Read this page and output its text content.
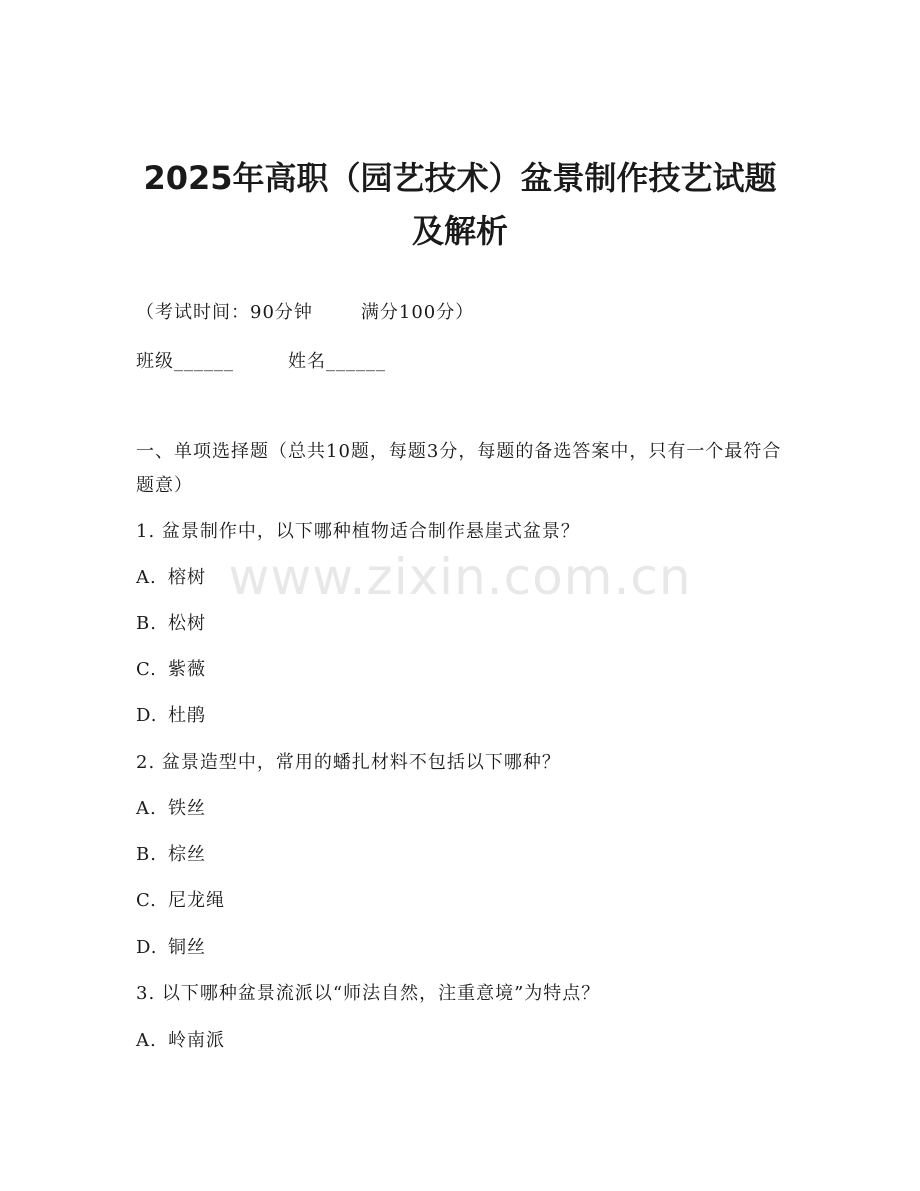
2025年高职（园艺技术）盆景制作技艺试题
及解析
（考试时间：90分钟	满分100分）
班级______	姓名______
一、单项选择题（总共10题，每题3分，每题的备选答案中，只有一个最符合题意）
1. 盆景制作中，以下哪种植物适合制作悬崖式盆景？
A. 榕树
B. 松树
C. 紫薇
D. 杜鹃
2. 盆景造型中，常用的蟠扎材料不包括以下哪种？
A. 铁丝
B. 棕丝
C. 尼龙绳
D. 铜丝
3. 以下哪种盆景流派以“师法自然，注重意境”为特点？
A. 岭南派
www.zixin.com.cn
